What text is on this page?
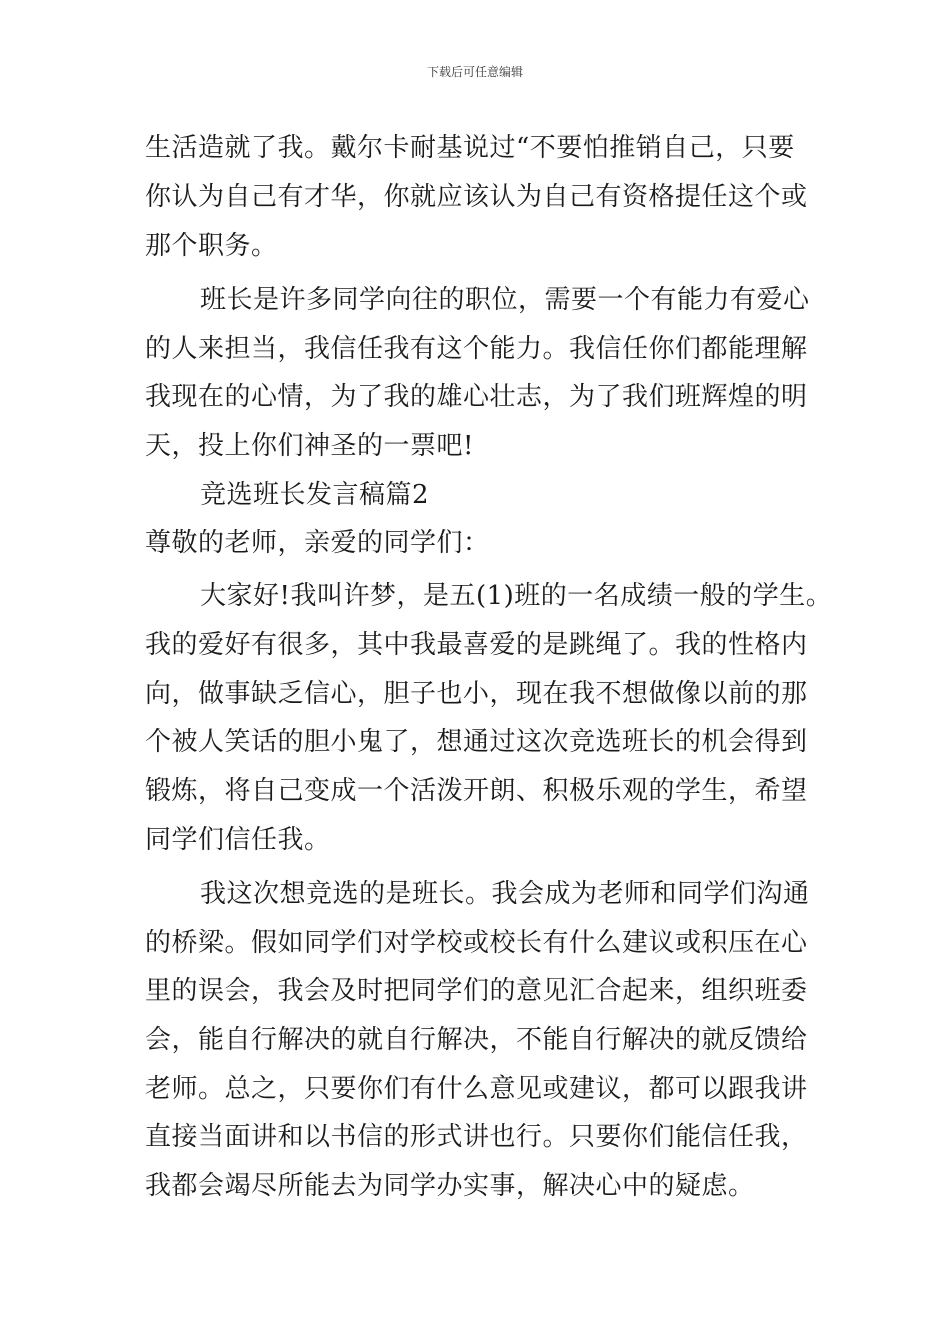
下载后可任意编辑
生活造就了我。戴尔卡耐基说过“不要怕推销自己，只要
你认为自己有才华，你就应该认为自己有资格提任这个或
那个职务。
班长是许多同学向往的职位，需要一个有能力有爱心
的人来担当，我信任我有这个能力。我信任你们都能理解
我现在的心情，为了我的雄心壮志，为了我们班辉煌的明
天，投上你们神圣的一票吧!
竞选班长发言稿篇2
尊敬的老师，亲爱的同学们：
大家好!我叫许梦，是五(1)班的一名成绩一般的学生。
我的爱好有很多，其中我最喜爱的是跳绳了。我的性格内
向，做事缺乏信心，胆子也小，现在我不想做像以前的那
个被人笑话的胆小鬼了，想通过这次竞选班长的机会得到
锻炼，将自己变成一个活泼开朗、积极乐观的学生，希望
同学们信任我。
我这次想竞选的是班长。我会成为老师和同学们沟通
的桥梁。假如同学们对学校或校长有什么建议或积压在心
里的误会，我会及时把同学们的意见汇合起来，组织班委
会，能自行解决的就自行解决，不能自行解决的就反馈给
老师。总之，只要你们有什么意见或建议，都可以跟我讲
直接当面讲和以书信的形式讲也行。只要你们能信任我，
我都会竭尽所能去为同学办实事，解决心中的疑虑。
